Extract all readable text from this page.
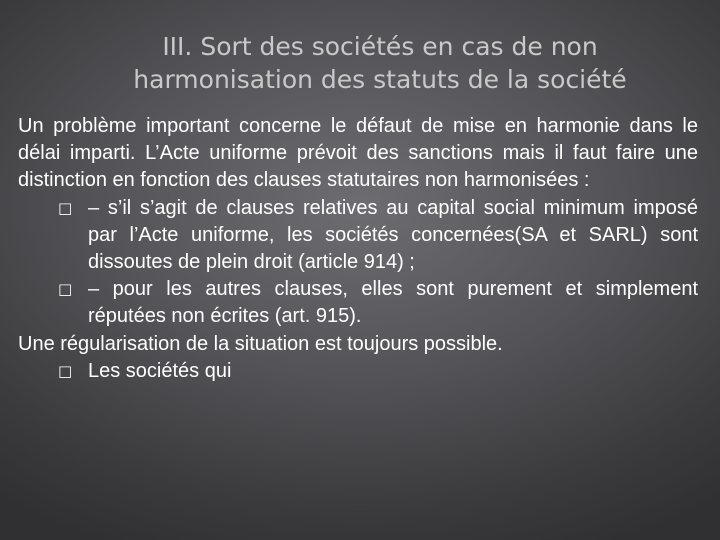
III. Sort des sociétés en cas de non
harmonisation des statuts de la société

Un problème important concerne le défaut de mise en harmonie dans le délai imparti. L’Acte uniforme prévoit des sanctions mais il faut faire une distinction en fonction des clauses statutaires non harmonisées :

□ – s’il s’agit de clauses relatives au capital social minimum imposé par l’Acte uniforme, les sociétés concernées(SA et SARL) sont dissoutes de plein droit (article 914) ;
□ – pour les autres clauses, elles sont purement et simplement réputées non écrites (art. 915).

Une régularisation de la situation est toujours possible.

□ Les sociétés qui
